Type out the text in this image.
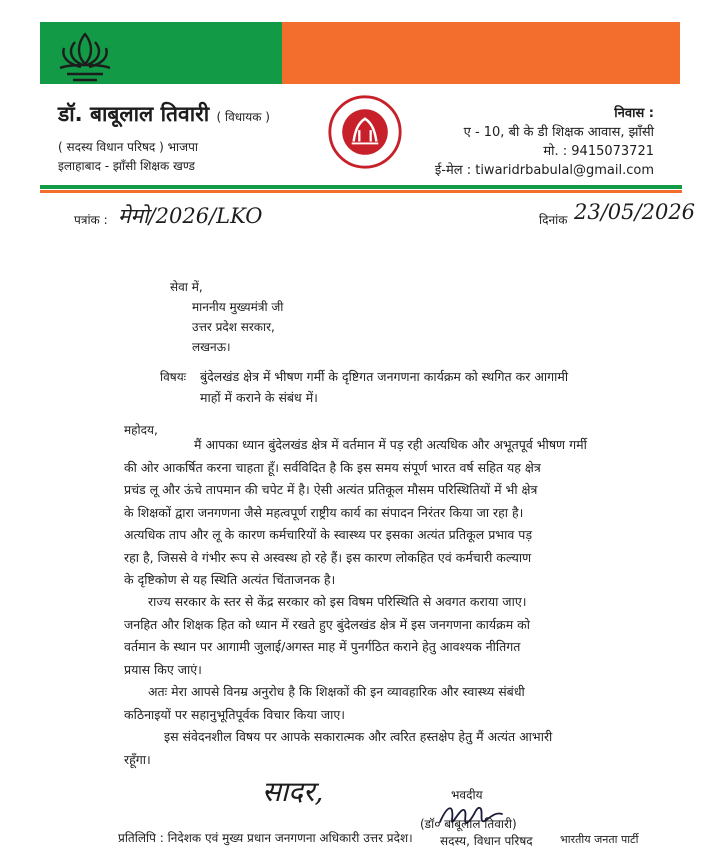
डॉ. बाबूलाल तिवारी ( विधायक )
( सदस्य विधान परिषद ) भाजपा
इलाहाबाद - झाँसी शिक्षक खण्ड
निवास :
ए - 10, बी के डी शिक्षक आवास, झाँसी
मो. : 9415073721
ई-मेल : tiwaridrbabulal@gmail.com
पत्रांक : मेमो/2026/LKO	दिनांक 23/05/2026
सेवा में,
माननीय मुख्यमंत्री जी
उत्तर प्रदेश सरकार,
लखनऊ।
विषयः बुंदेलखंड क्षेत्र में भीषण गर्मी के दृष्टिगत जनगणना कार्यक्रम को स्थगित कर आगामी
माहों में कराने के संबंध में।
महोदय,
मैं आपका ध्यान बुंदेलखंड क्षेत्र में वर्तमान में पड़ रही अत्यधिक और अभूतपूर्व भीषण गर्मी
की ओर आकर्षित करना चाहता हूँ। सर्वविदित है कि इस समय संपूर्ण भारत वर्ष सहित यह क्षेत्र
प्रचंड लू और ऊंचे तापमान की चपेट में है। ऐसी अत्यंत प्रतिकूल मौसम परिस्थितियों में भी क्षेत्र
के शिक्षकों द्वारा जनगणना जैसे महत्वपूर्ण राष्ट्रीय कार्य का संपादन निरंतर किया जा रहा है।
अत्यधिक ताप और लू के कारण कर्मचारियों के स्वास्थ्य पर इसका अत्यंत प्रतिकूल प्रभाव पड़
रहा है, जिससे वे गंभीर रूप से अस्वस्थ हो रहे हैं। इस कारण लोकहित एवं कर्मचारी कल्याण
के दृष्टिकोण से यह स्थिति अत्यंत चिंताजनक है।
राज्य सरकार के स्तर से केंद्र सरकार को इस विषम परिस्थिति से अवगत कराया जाए।
जनहित और शिक्षक हित को ध्यान में रखते हुए बुंदेलखंड क्षेत्र में इस जनगणना कार्यक्रम को
वर्तमान के स्थान पर आगामी जुलाई/अगस्त माह में पुनर्गठित कराने हेतु आवश्यक नीतिगत
प्रयास किए जाएं।
अतः मेरा आपसे विनम्र अनुरोध है कि शिक्षकों की इन व्यावहारिक और स्वास्थ्य संबंधी
कठिनाइयों पर सहानुभूतिपूर्वक विचार किया जाए।
इस संवेदनशील विषय पर आपके सकारात्मक और त्वरित हस्तक्षेप हेतु मैं अत्यंत आभारी
रहूँगा।
सादर,	भवदीय
(डॉ० बाबूलाल तिवारी)
सदस्य, विधान परिषद
प्रतिलिपि : निदेशक एवं मुख्य प्रधान जनगणना अधिकारी उत्तर प्रदेश।	भारतीय जनता पार्टी
